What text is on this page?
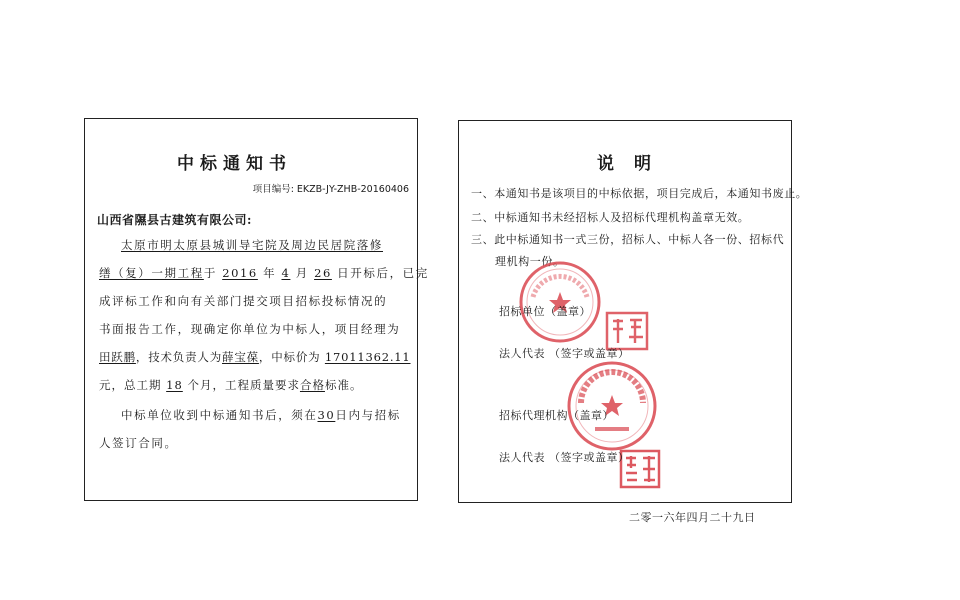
中标通知书
项目编号: EKZB-JY-ZHB-20160406
山西省隰县古建筑有限公司:
太原市明太原县城训导宅院及周边民居院落修
缮（复）一期工程于 2016 年 4 月 26 日开标后，已完
成评标工作和向有关部门提交项目招标投标情况的
书面报告工作，现确定你单位为中标人，项目经理为
田跃鹏，技术负责人为薛宝葆，中标价为 17011362.11
元，总工期 18 个月，工程质量要求合格标准。
中标单位收到中标通知书后，须在30日内与招标
人签订合同。
说明
一、本通知书是该项目的中标依据，项目完成后，本通知书废止。
二、中标通知书未经招标人及招标代理机构盖章无效。
三、此中标通知书一式三份，招标人、中标人各一份、招标代
理机构一份。
招标单位（盖章）
法人代表 （签字或盖章）
招标代理机构（盖章）
法人代表 （签字或盖章）
二零一六年四月二十九日
